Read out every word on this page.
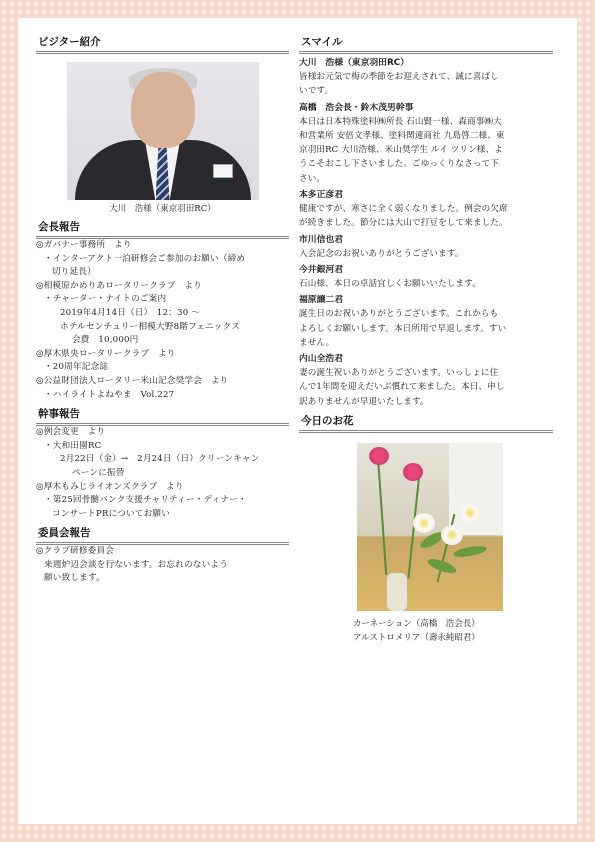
ビジター紹介
大川　浩様（東京羽田RC）
会長報告
◎ガバナー事務所　より
・インターアクト一泊研修会ご参加のお願い（締め
切り延長）
◎相模原かめりあロータリークラブ　より
・チャーター・ナイトのご案内
2019年4月14日（日）　12：30 ～
ホテルセンチュリー相模大野8階フェニックス
会費　10,000円
◎厚木県央ロータリークラブ　より
・20周年記念誌
◎公益財団法人ロータリー米山記念奨学会　より
・ハイライトよねやま　Vol.227
幹事報告
◎例会変更　より
・大和田園RC
2月22日（金）→　2月24日（日）クリーンキャン
ペーンに振替
◎厚木もみじライオンズクラブ　より
・第25回骨髄バンク支援チャリティー・ディナー・
コンサートPRについてお願い
委員会報告
◎クラブ研修委員会
来週炉辺会談を行ないます。お忘れのないよう
願い致します。
スマイル
大川　浩様（東京羽田RC）
皆様お元気で梅の季節をお迎えされて、誠に喜ばし
いです。
高橋　浩会長・鈴木茂男幹事
本日は日本特殊塗料㈱所長 石山賢一様、森商事㈱大
和営業所 安倍文孝様、塗料関連商社 九島啓二様、東
京羽田RC 大川浩様、米山奨学生 ルイ ツリン様、よ
うこそおこし下さいました。ごゆっくりなさって下
さい。
本多正彦君
健康ですが、寒さに全く弱くなりました。例会の欠席
が続きました。節分には大山で打豆をして来ました。
市川信也君
入会記念のお祝いありがとうございます。
今井銀河君
石山様、本日の卓話宜しくお願いいたします。
福原譲二君
誕生日のお祝いありがとうございます。これからも
よろしくお願いします。本日所用で早退します。すい
ません。
内山全浩君
妻の誕生祝いありがとうございます。いっしょに住
んで1年間を迎えだいぶ慣れて来ました。本日、申し
訳ありませんが早退いたします。
今日のお花
カーネーション（高橋　浩会長）
アルストロメリア（壽永純昭君）
